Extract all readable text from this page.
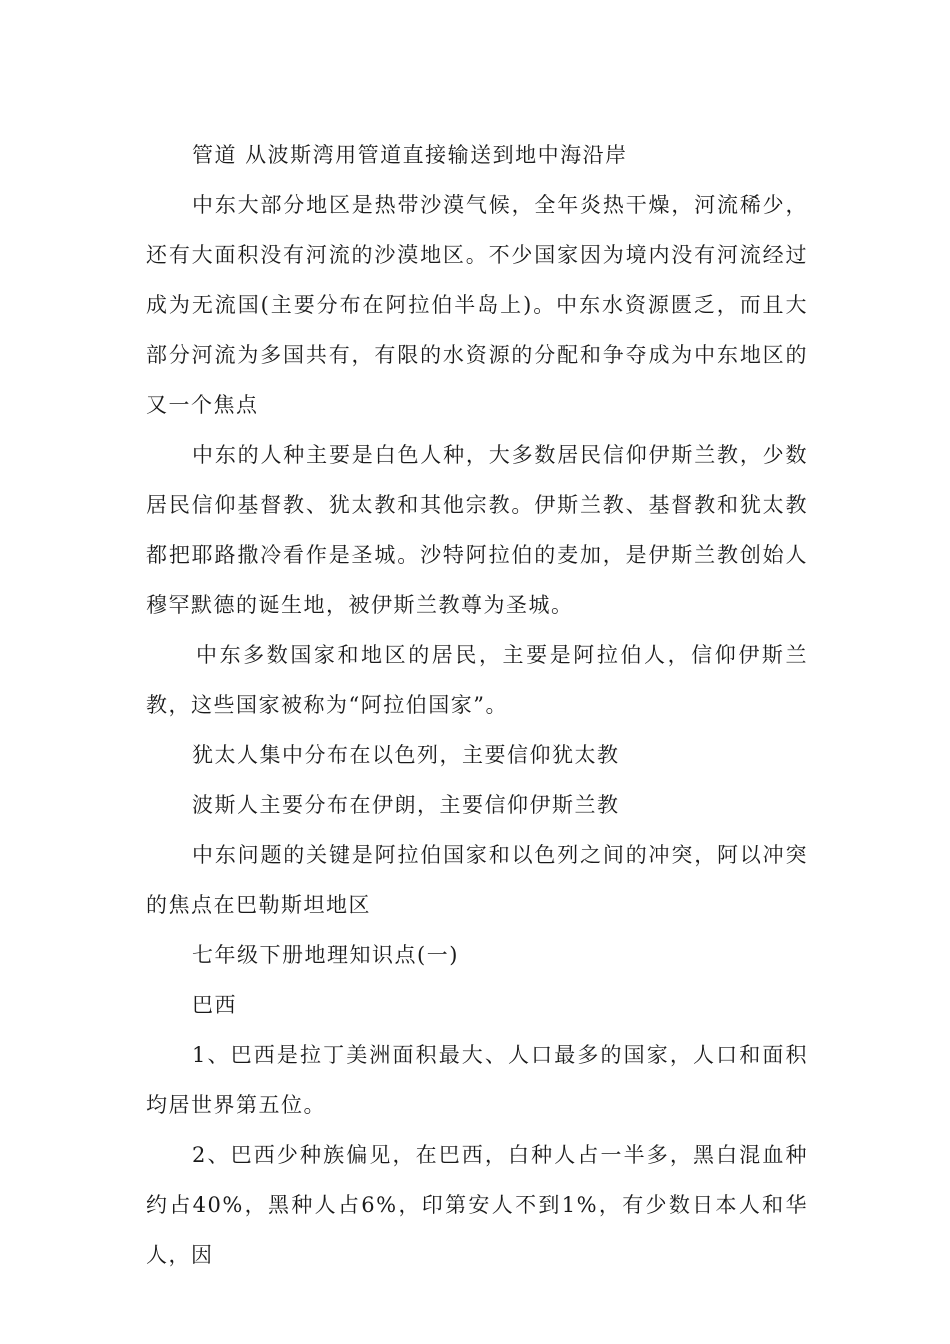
管道 从波斯湾用管道直接输送到地中海沿岸

中东大部分地区是热带沙漠气候，全年炎热干燥，河流稀少，还有大面积没有河流的沙漠地区。不少国家因为境内没有河流经过成为无流国(主要分布在阿拉伯半岛上)。中东水资源匮乏，而且大部分河流为多国共有，有限的水资源的分配和争夺成为中东地区的又一个焦点

中东的人种主要是白色人种，大多数居民信仰伊斯兰教，少数居民信仰基督教、犹太教和其他宗教。伊斯兰教、基督教和犹太教都把耶路撒冷看作是圣城。沙特阿拉伯的麦加，是伊斯兰教创始人穆罕默德的诞生地，被伊斯兰教尊为圣城。

中东多数国家和地区的居民，主要是阿拉伯人，信仰伊斯兰教，这些国家被称为“阿拉伯国家”。

犹太人集中分布在以色列，主要信仰犹太教

波斯人主要分布在伊朗，主要信仰伊斯兰教

中东问题的关键是阿拉伯国家和以色列之间的冲突，阿以冲突的焦点在巴勒斯坦地区

七年级下册地理知识点(一)

巴西

1、巴西是拉丁美洲面积最大、人口最多的国家，人口和面积均居世界第五位。

2、巴西少种族偏见，在巴西，白种人占一半多，黑白混血种约占40%，黑种人占6%，印第安人不到1%，有少数日本人和华人，因
